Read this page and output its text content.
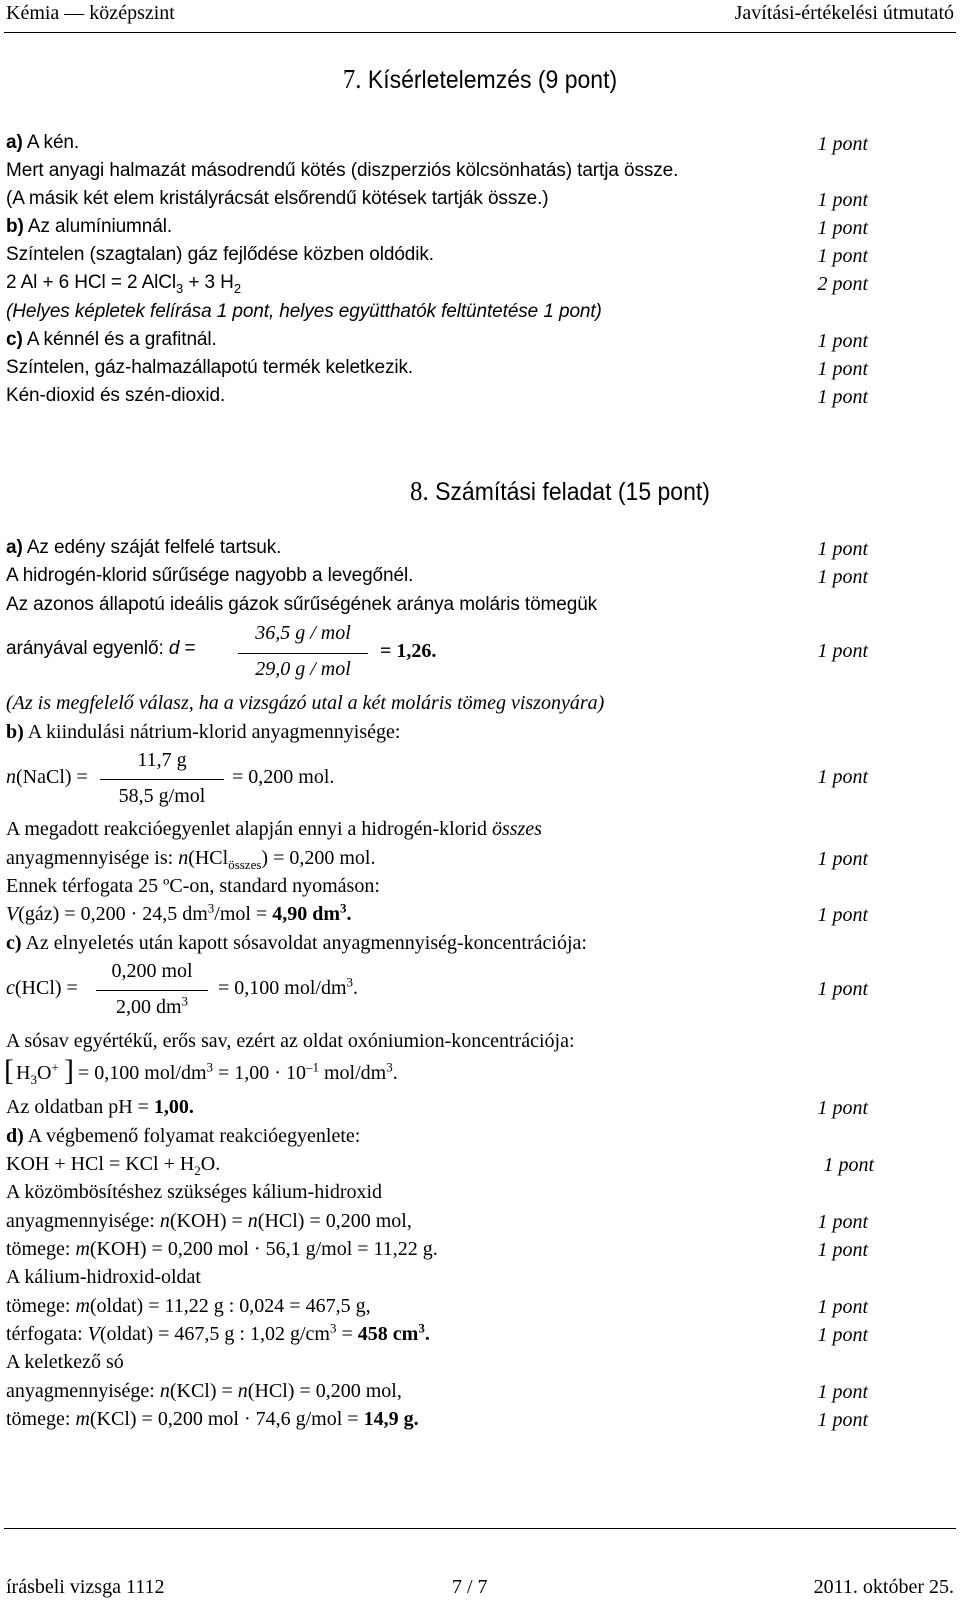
Kémia — középszint	Javítási-értékelési útmutató
7. Kísérletelemzés (9 pont)
a) A kén.	1 pont
Mert anyagi halmazát másodrendű kötés (diszperziós kölcsönhatás) tartja össze.
(A másik két elem kristályrácsát elsőrendű kötések tartják össze.)	1 pont
b) Az alumíniumnál.	1 pont
Színtelen (szagtalan) gáz fejlődése közben oldódik.	1 pont
2 Al + 6 HCl = 2 AlCl$_3$ + 3 $H_2$	2 pont
(Helyes képletek felírása 1 pont, helyes együtthatók feltüntetése 1 pont)
c) A kénnél és a grafitnál.	1 pont
Színtelen, gáz-halmazállapotú termék keletkezik.	1 pont
Kén-dioxid és szén-dioxid.	1 pont
8. Számítási feladat (15 pont)
a) Az edény száját felfelé tartsuk.	1 pont
A hidrogén-klorid sűrűsége nagyobb a levegőnél.	1 pont
Az azonos állapotú ideális gázok sűrűségének aránya moláris tömegük
arányával egyenlő: d =
36,5 g / mol
29,0 g / mol
= 1,26.	1 pont
(Az is megfelelő válasz, ha a vizsgázó utal a két moláris tömeg viszonyára)
b) A kiindulási nátrium-klorid anyagmennyisége:
n(NaCl) =
11,7 g
58,5 g/mol
= 0,200 mol.	1 pont
A megadott reakcióegyenlet alapján ennyi a hidrogén-klorid összes
anyagmennyisége is: n(HCl$_{összes}$) = 0,200 mol.	1 pont
Ennek térfogata 25 ºC-on, standard nyomáson:
V(gáz) = 0,200 · 24,5 $dm^3$/mol = 4,90 $dm^3$.	1 pont
c) Az elnyeletés után kapott sósavoldat anyagmennyiség-koncentrációja:
c(HCl) =
0,200 mol
2,00 $dm^3$
= 0,100 mol/$dm^3$.	1 pont
A sósav egyértékű, erős sav, ezért az oldat oxóniumion-koncentrációja:
[ $H_3O^+$ ] = 0,100 mol/$dm^3 = 1,00 \cdot 10^{-1}$ mol/$dm^3$.
Az oldatban pH = 1,00.	1 pont
d) A végbemenő folyamat reakcióegyenlete:
KOH + HCl = KCl + $H_2O$.	1 pont
A közömbösítéshez szükséges kálium-hidroxid
anyagmennyisége: n(KOH) = n(HCl) = 0,200 mol,	1 pont
tömege: m(KOH) = 0,200 mol · 56,1 g/mol = 11,22 g.	1 pont
A kálium-hidroxid-oldat
tömege: m(oldat) = 11,22 g : 0,024 = 467,5 g,	1 pont
térfogata: V(oldat) = 467,5 g : 1,02 $g/cm^3 = 458$ $cm^3$.	1 pont
A keletkező só
anyagmennyisége: n(KCl) = n(HCl) = 0,200 mol,	1 pont
tömege: m(KCl) = 0,200 mol · 74,6 g/mol = 14,9 g.	1 pont
írásbeli vizsga 1112	7 / 7	2011. október 25.
